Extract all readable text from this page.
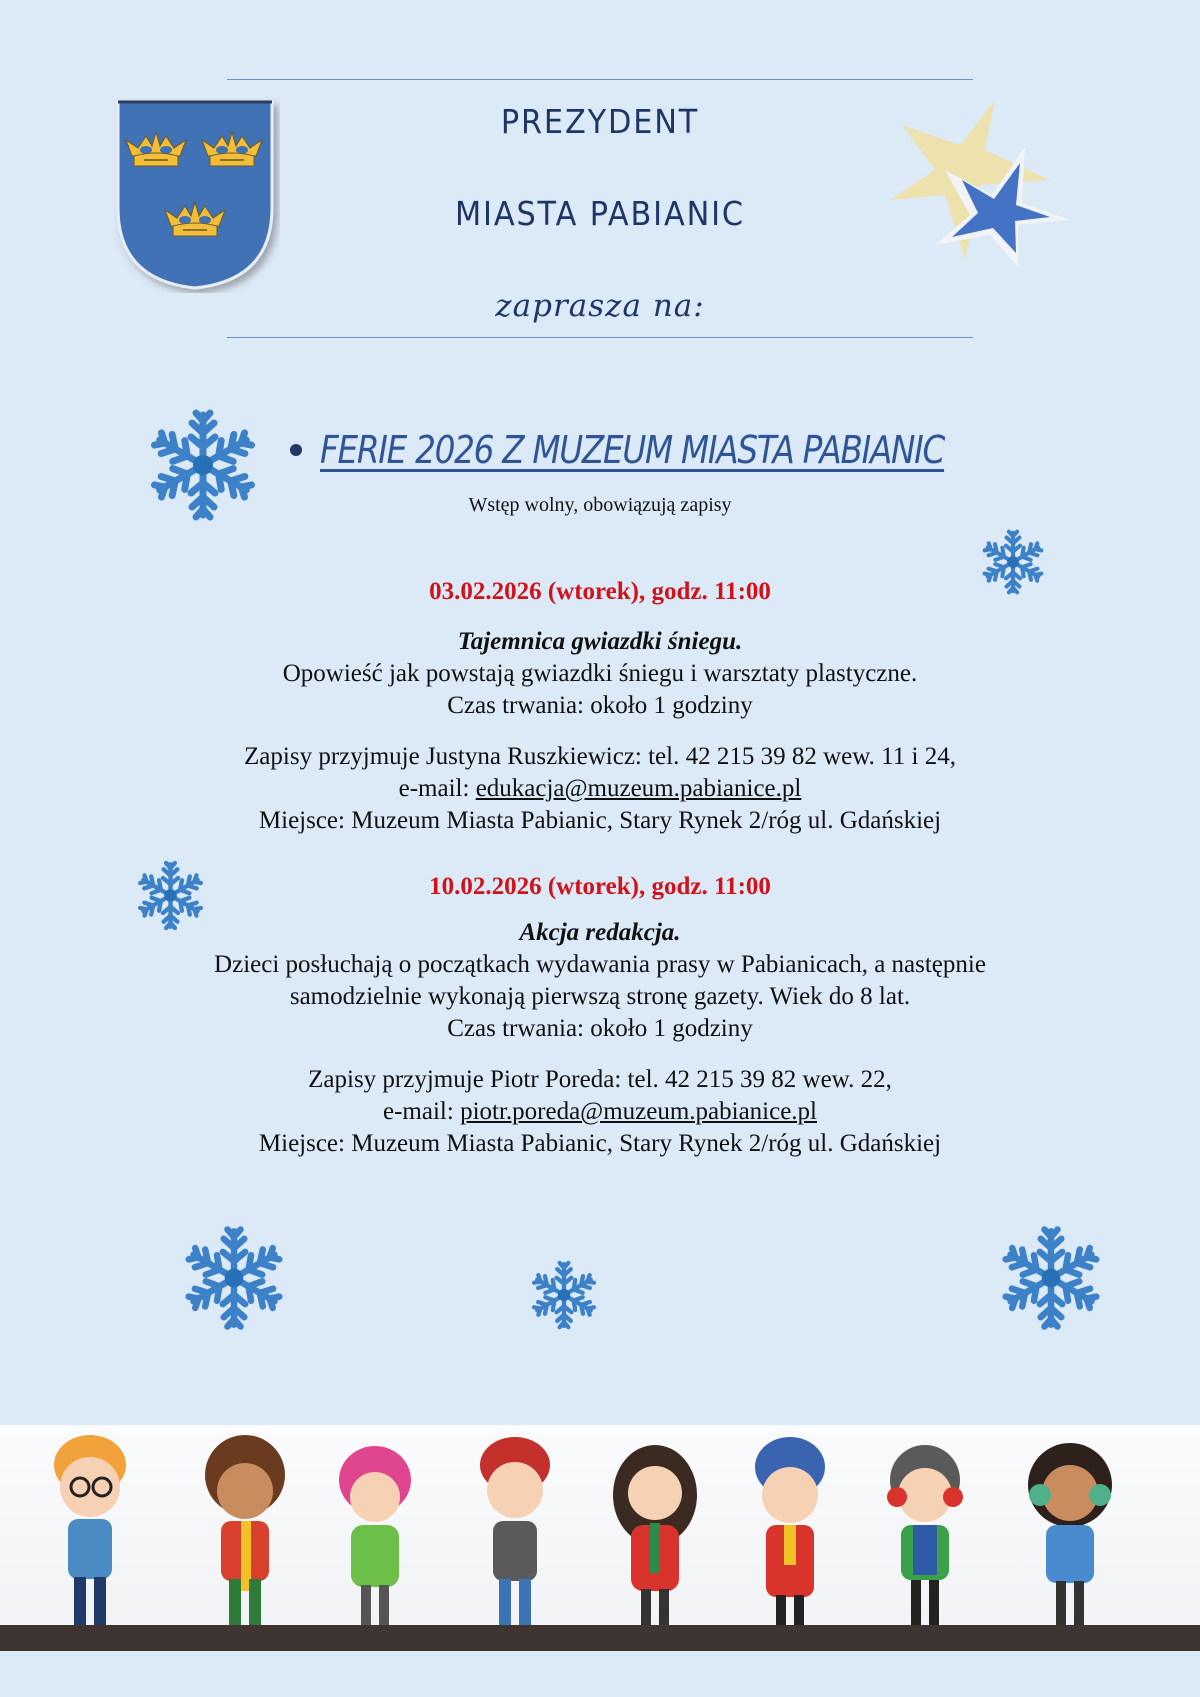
PREZYDENT
MIASTA PABIANIC
zaprasza na:
FERIE 2026 Z MUZEUM MIASTA PABIANIC
Wstęp wolny, obowiązują zapisy
03.02.2026 (wtorek), godz. 11:00
Tajemnica gwiazdki śniegu.
Opowieść jak powstają gwiazdki śniegu i warsztaty plastyczne.
Czas trwania: około 1 godziny
Zapisy przyjmuje Justyna Ruszkiewicz: tel. 42 215 39 82 wew. 11 i 24,
e-mail: edukacja@muzeum.pabianice.pl
Miejsce: Muzeum Miasta Pabianic, Stary Rynek 2/róg ul. Gdańskiej
10.02.2026 (wtorek), godz. 11:00
Akcja redakcja.
Dzieci posłuchają o początkach wydawania prasy w Pabianicach, a następnie
samodzielnie wykonają pierwszą stronę gazety. Wiek do 8 lat.
Czas trwania: około 1 godziny
Zapisy przyjmuje Piotr Poreda: tel. 42 215 39 82 wew. 22,
e-mail: piotr.poreda@muzeum.pabianice.pl
Miejsce: Muzeum Miasta Pabianic, Stary Rynek 2/róg ul. Gdańskiej
